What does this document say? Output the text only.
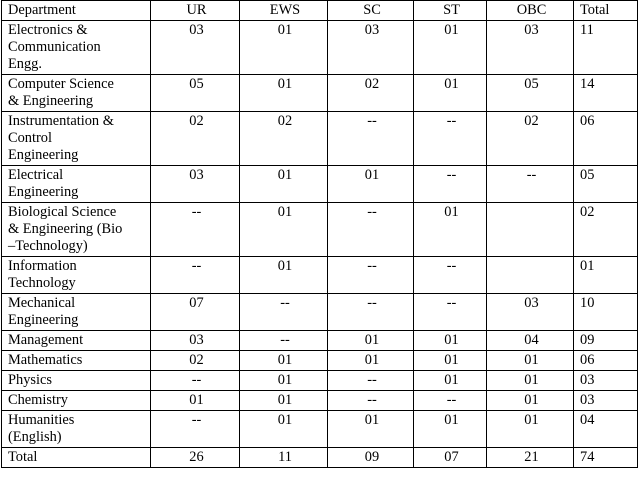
Department	UR	EWS	SC	ST	OBC	Total
Electronics &
Communication
Engg.	03	01	03	01	03	11
Computer Science
& Engineering	05	01	02	01	05	14
Instrumentation &
Control
Engineering	02	02	--	--	02	06
Electrical
Engineering	03	01	01	--	--	05
Biological Science
& Engineering (Bio
–Technology)	--	01	--	01		02
Information
Technology	--	01	--	--		01
Mechanical
Engineering	07	--	--	--	03	10
Management	03	--	01	01	04	09
Mathematics	02	01	01	01	01	06
Physics	--	01	--	01	01	03
Chemistry	01	01	--	--	01	03
Humanities
(English)	--	01	01	01	01	04
Total	26	11	09	07	21	74
